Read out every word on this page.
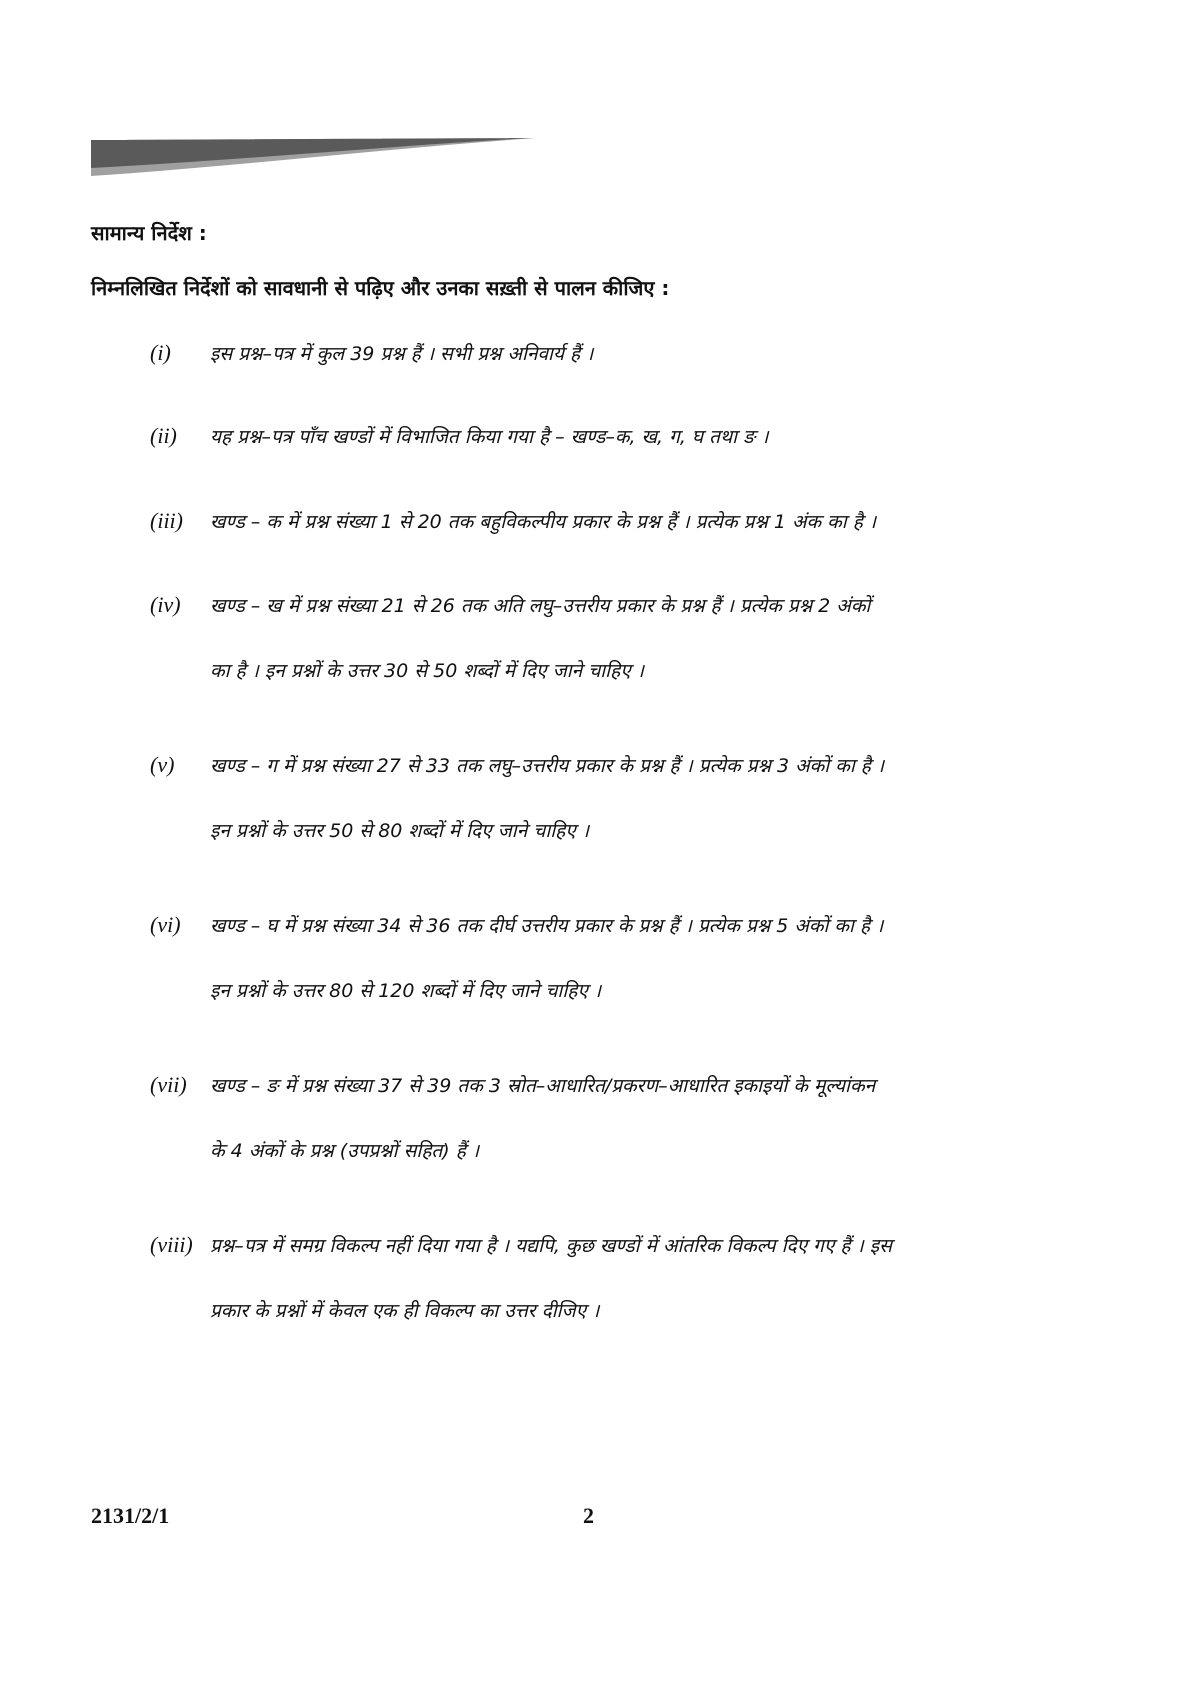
सामान्य निर्देश :
निम्नलिखित निर्देशों को सावधानी से पढ़िए और उनका सख़्ती से पालन कीजिए :
(i) इस प्रश्न–पत्र में कुल 39 प्रश्न हैं । सभी प्रश्न अनिवार्य हैं ।
(ii) यह प्रश्न–पत्र पाँच खण्डों में विभाजित किया गया है – खण्ड–क, ख, ग, घ तथा ङ ।
(iii) खण्ड – क में प्रश्न संख्या 1 से 20 तक बहुविकल्पीय प्रकार के प्रश्न हैं । प्रत्येक प्रश्न 1 अंक का है ।
(iv) खण्ड – ख में प्रश्न संख्या 21 से 26 तक अति लघु–उत्तरीय प्रकार के प्रश्न हैं । प्रत्येक प्रश्न 2 अंकों
का है । इन प्रश्नों के उत्तर 30 से 50 शब्दों में दिए जाने चाहिए ।
(v) खण्ड – ग में प्रश्न संख्या 27 से 33 तक लघु–उत्तरीय प्रकार के प्रश्न हैं । प्रत्येक प्रश्न 3 अंकों का है ।
इन प्रश्नों के उत्तर 50 से 80 शब्दों में दिए जाने चाहिए ।
(vi) खण्ड – घ में प्रश्न संख्या 34 से 36 तक दीर्घ उत्तरीय प्रकार के प्रश्न हैं । प्रत्येक प्रश्न 5 अंकों का है ।
इन प्रश्नों के उत्तर 80 से 120 शब्दों में दिए जाने चाहिए ।
(vii) खण्ड – ङ में प्रश्न संख्या 37 से 39 तक 3 स्रोत–आधारित/प्रकरण–आधारित इकाइयों के मूल्यांकन
के 4 अंकों के प्रश्न (उपप्रश्नों सहित) हैं ।
(viii) प्रश्न–पत्र में समग्र विकल्प नहीं दिया गया है । यद्यपि, कुछ खण्डों में आंतरिक विकल्प दिए गए हैं । इस
प्रकार के प्रश्नों में केवल एक ही विकल्प का उत्तर दीजिए ।
2131/2/1	2
